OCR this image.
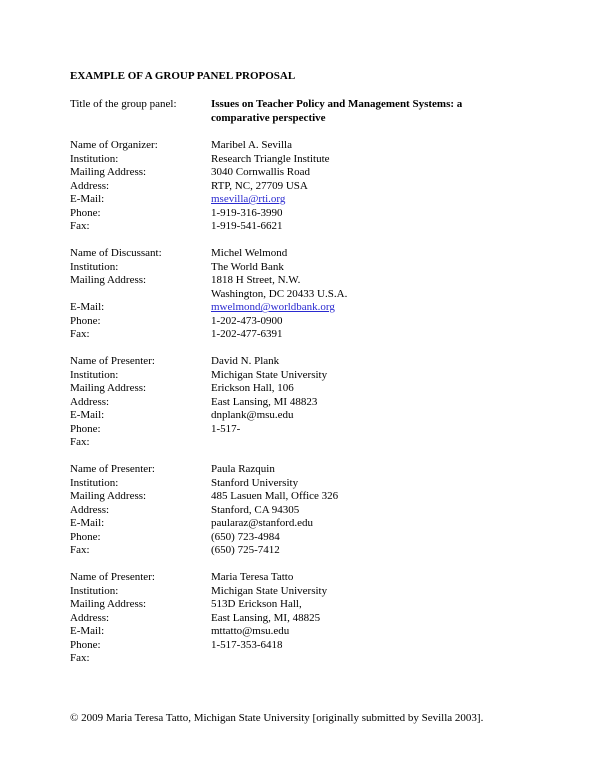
EXAMPLE OF A GROUP PANEL PROPOSAL
Title of the group panel:	Issues on Teacher Policy and Management Systems: a comparative perspective
Name of Organizer:	Maribel A. Sevilla
Institution:	Research Triangle Institute
Mailing Address:	3040 Cornwallis Road
Address:	RTP, NC, 27709 USA
E-Mail:	msevilla@rti.org
Phone:	1-919-316-3990
Fax:	1-919-541-6621
Name of Discussant:	Michel Welmond
Institution:	The World Bank
Mailing Address:	1818 H Street, N.W.
Washington, DC 20433 U.S.A.
E-Mail:	mwelmond@worldbank.org
Phone:	1-202-473-0900
Fax:	1-202-477-6391
Name of Presenter:	David N. Plank
Institution:	Michigan State University
Mailing Address:	Erickson Hall, 106
Address:	East Lansing, MI 48823
E-Mail:	dnplank@msu.edu
Phone:	1-517-
Fax:
Name of Presenter:	Paula Razquin
Institution:	Stanford University
Mailing Address:	485 Lasuen Mall, Office 326
Address:	Stanford, CA 94305
E-Mail:	paularaz@stanford.edu
Phone:	(650) 723-4984
Fax:	(650) 725-7412
Name of Presenter:	Maria Teresa Tatto
Institution:	Michigan State University
Mailing Address:	513D Erickson Hall,
Address:	East Lansing, MI, 48825
E-Mail:	mttatto@msu.edu
Phone:	1-517-353-6418
Fax:
© 2009 Maria Teresa Tatto, Michigan State University [originally submitted by Sevilla 2003].
